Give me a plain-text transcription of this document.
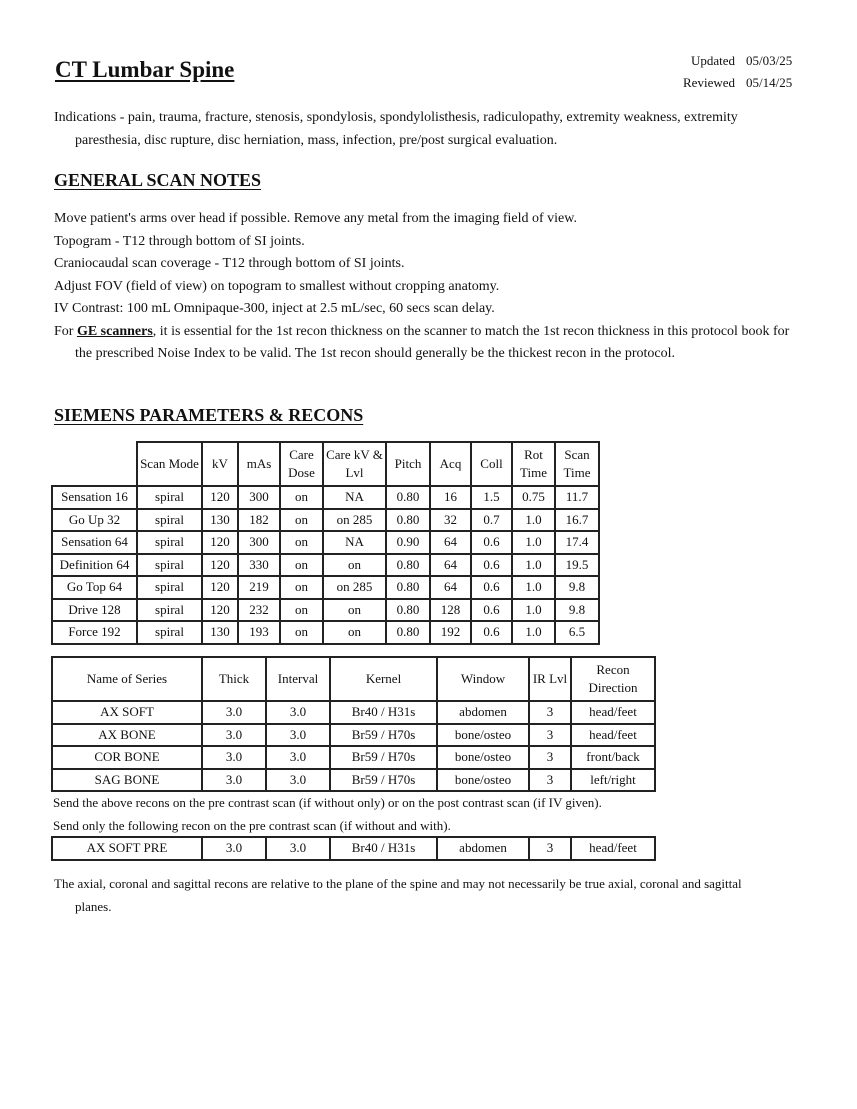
CT Lumbar Spine	Updated 05/03/25
Reviewed 05/14/25
Indications - pain, trauma, fracture, stenosis, spondylosis, spondylolisthesis, radiculopathy, extremity weakness, extremity paresthesia, disc rupture, disc herniation, mass, infection, pre/post surgical evaluation.
GENERAL SCAN NOTES
Move patient's arms over head if possible. Remove any metal from the imaging field of view.
Topogram - T12 through bottom of SI joints.
Craniocaudal scan coverage - T12 through bottom of SI joints.
Adjust FOV (field of view) on topogram to smallest without cropping anatomy.
IV Contrast: 100 mL Omnipaque-300, inject at 2.5 mL/sec, 60 secs scan delay.
For GE scanners, it is essential for the 1st recon thickness on the scanner to match the 1st recon thickness in this protocol book for the prescribed Noise Index to be valid. The 1st recon should generally be the thickest recon in the protocol.
SIEMENS PARAMETERS & RECONS
	Scan Mode	kV	mAs	Care Dose	Care kV & Lvl	Pitch	Acq	Coll	Rot Time	Scan Time
Sensation 16	spiral	120	300	on	NA	0.80	16	1.5	0.75	11.7
Go Up 32	spiral	130	182	on	on 285	0.80	32	0.7	1.0	16.7
Sensation 64	spiral	120	300	on	NA	0.90	64	0.6	1.0	17.4
Definition 64	spiral	120	330	on	on	0.80	64	0.6	1.0	19.5
Go Top 64	spiral	120	219	on	on 285	0.80	64	0.6	1.0	9.8
Drive 128	spiral	120	232	on	on	0.80	128	0.6	1.0	9.8
Force 192	spiral	130	193	on	on	0.80	192	0.6	1.0	6.5
Name of Series	Thick	Interval	Kernel	Window	IR Lvl	Recon Direction
AX SOFT	3.0	3.0	Br40 / H31s	abdomen	3	head/feet
AX BONE	3.0	3.0	Br59 / H70s	bone/osteo	3	head/feet
COR BONE	3.0	3.0	Br59 / H70s	bone/osteo	3	front/back
SAG BONE	3.0	3.0	Br59 / H70s	bone/osteo	3	left/right
Send the above recons on the pre contrast scan (if without only) or on the post contrast scan (if IV given).
Send only the following recon on the pre contrast scan (if without and with).
AX SOFT PRE	3.0	3.0	Br40 / H31s	abdomen	3	head/feet
The axial, coronal and sagittal recons are relative to the plane of the spine and may not necessarily be true axial, coronal and sagittal planes.
